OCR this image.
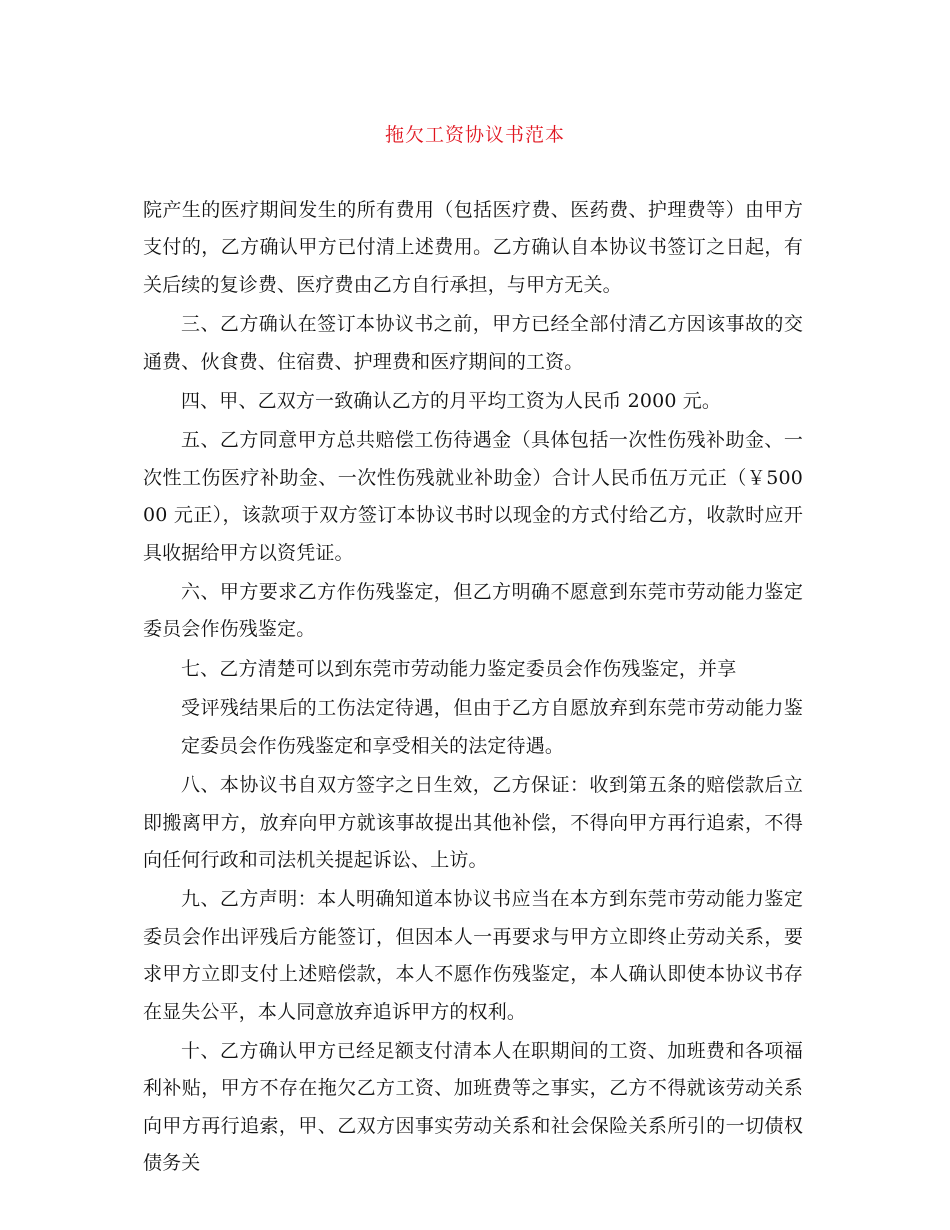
拖欠工资协议书范本

院产生的医疗期间发生的所有费用（包括医疗费、医药费、护理费等）由甲方支付的，乙方确认甲方已付清上述费用。乙方确认自本协议书签订之日起，有关后续的复诊费、医疗费由乙方自行承担，与甲方无关。

三、乙方确认在签订本协议书之前，甲方已经全部付清乙方因该事故的交通费、伙食费、住宿费、护理费和医疗期间的工资。

四、甲、乙双方一致确认乙方的月平均工资为人民币 2000 元。

五、乙方同意甲方总共赔偿工伤待遇金（具体包括一次性伤残补助金、一次性工伤医疗补助金、一次性伤残就业补助金）合计人民币伍万元正（￥50000 元正），该款项于双方签订本协议书时以现金的方式付给乙方，收款时应开具收据给甲方以资凭证。

六、甲方要求乙方作伤残鉴定，但乙方明确不愿意到东莞市劳动能力鉴定委员会作伤残鉴定。

七、乙方清楚可以到东莞市劳动能力鉴定委员会作伤残鉴定，并享

受评残结果后的工伤法定待遇，但由于乙方自愿放弃到东莞市劳动能力鉴定委员会作伤残鉴定和享受相关的法定待遇。

八、本协议书自双方签字之日生效，乙方保证：收到第五条的赔偿款后立即搬离甲方，放弃向甲方就该事故提出其他补偿，不得向甲方再行追索，不得向任何行政和司法机关提起诉讼、上访。

九、乙方声明：本人明确知道本协议书应当在本方到东莞市劳动能力鉴定委员会作出评残后方能签订，但因本人一再要求与甲方立即终止劳动关系，要求甲方立即支付上述赔偿款，本人不愿作伤残鉴定，本人确认即使本协议书存在显失公平，本人同意放弃追诉甲方的权利。

十、乙方确认甲方已经足额支付清本人在职期间的工资、加班费和各项福利补贴，甲方不存在拖欠乙方工资、加班费等之事实，乙方不得就该劳动关系向甲方再行追索，甲、乙双方因事实劳动关系和社会保险关系所引的一切债权债务关
